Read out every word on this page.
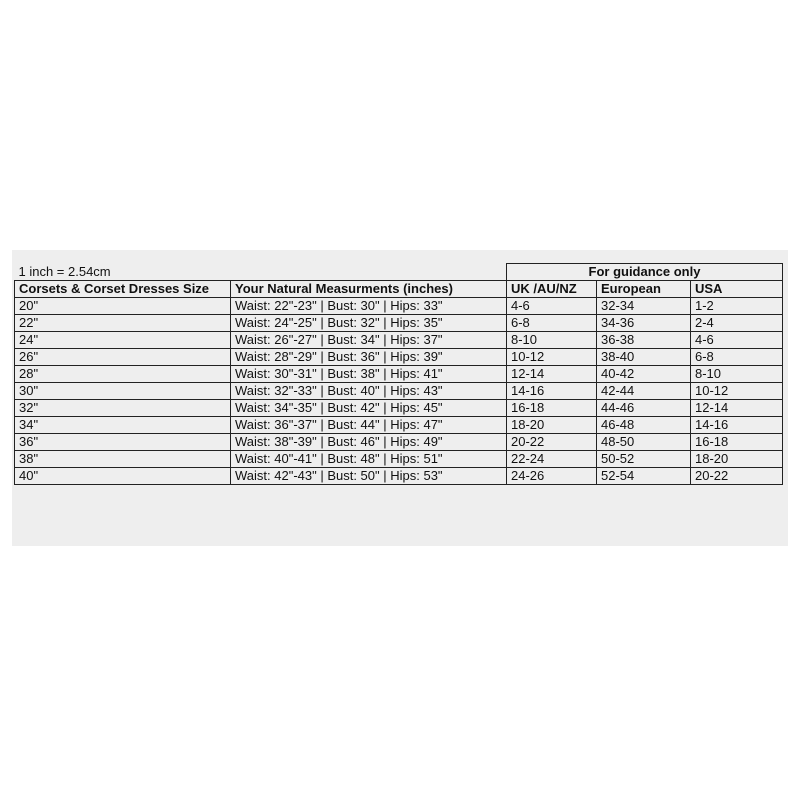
1 inch = 2.54cm		For guidance only		
Corsets & Corset Dresses Size	Your Natural Measurments (inches)	UK /AU/NZ	European	USA
20"	Waist: 22"-23" | Bust: 30" | Hips: 33"	4-6	32-34	1-2
22"	Waist: 24"-25" | Bust: 32" | Hips: 35"	6-8	34-36	2-4
24"	Waist: 26"-27" | Bust: 34" | Hips: 37"	8-10	36-38	4-6
26"	Waist: 28"-29" | Bust: 36" | Hips: 39"	10-12	38-40	6-8
28"	Waist: 30"-31" | Bust: 38" | Hips: 41"	12-14	40-42	8-10
30"	Waist: 32"-33" | Bust: 40" | Hips: 43"	14-16	42-44	10-12
32"	Waist: 34"-35" | Bust: 42" | Hips: 45"	16-18	44-46	12-14
34"	Waist: 36"-37" | Bust: 44" | Hips: 47"	18-20	46-48	14-16
36"	Waist: 38"-39" | Bust: 46" | Hips: 49"	20-22	48-50	16-18
38"	Waist: 40"-41" | Bust: 48" | Hips: 51"	22-24	50-52	18-20
40"	Waist: 42"-43" | Bust: 50" | Hips: 53"	24-26	52-54	20-22
